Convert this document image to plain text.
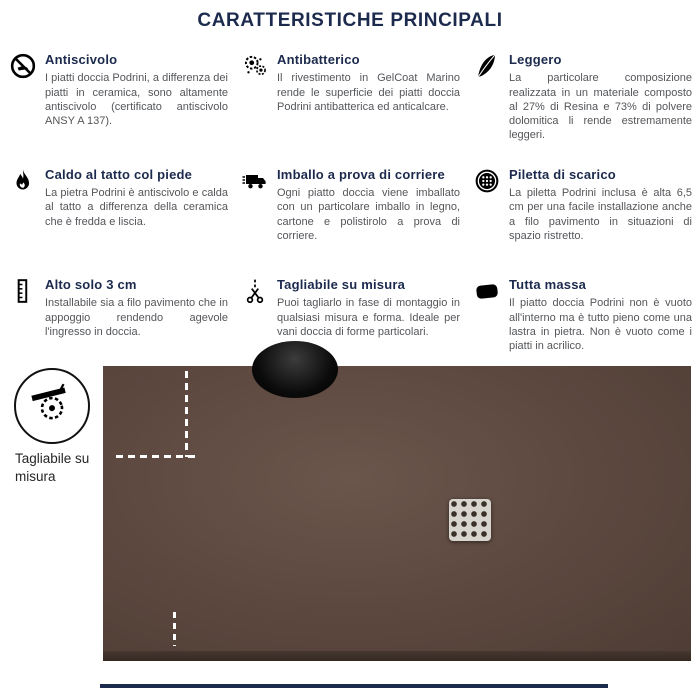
CARATTERISTICHE PRINCIPALI
Antiscivolo
I piatti doccia Podrini, a differenza dei piatti in ceramica, sono altamente antiscivolo (certificato antiscivolo ANSY A 137).
Antibatterico
Il rivestimento in GelCoat Marino rende le superficie dei piatti doccia Podrini antibatterica ed anticalcare.
Leggero
La particolare composizione realizzata in un materiale composto al 27% di Resina e 73% di polvere dolomitica li rende estremamente leggeri.
Caldo al tatto col piede
La pietra Podrini è antiscivolo e calda al tatto a differenza della ceramica che è fredda e liscia.
Imballo a prova di corriere
Ogni piatto doccia viene imballato con un particolare imballo in legno, cartone e polistirolo a prova di corriere.
Piletta di scarico
La piletta Podrini inclusa è alta 6,5 cm per una facile installazione anche a filo pavimento in situazioni di spazio ristretto.
Alto solo 3 cm
Installabile sia a filo pavimento che in appoggio rendendo agevole l'ingresso in doccia.
Tagliabile su misura
Puoi tagliarlo in fase di montaggio in qualsiasi misura e forma. Ideale per vani doccia di forme particolari.
Tutta massa
Il piatto doccia Podrini non è vuoto all'interno ma è tutto pieno come una lastra in pietra. Non è vuoto come i piatti in acrilico.
Tagliabile su misura
